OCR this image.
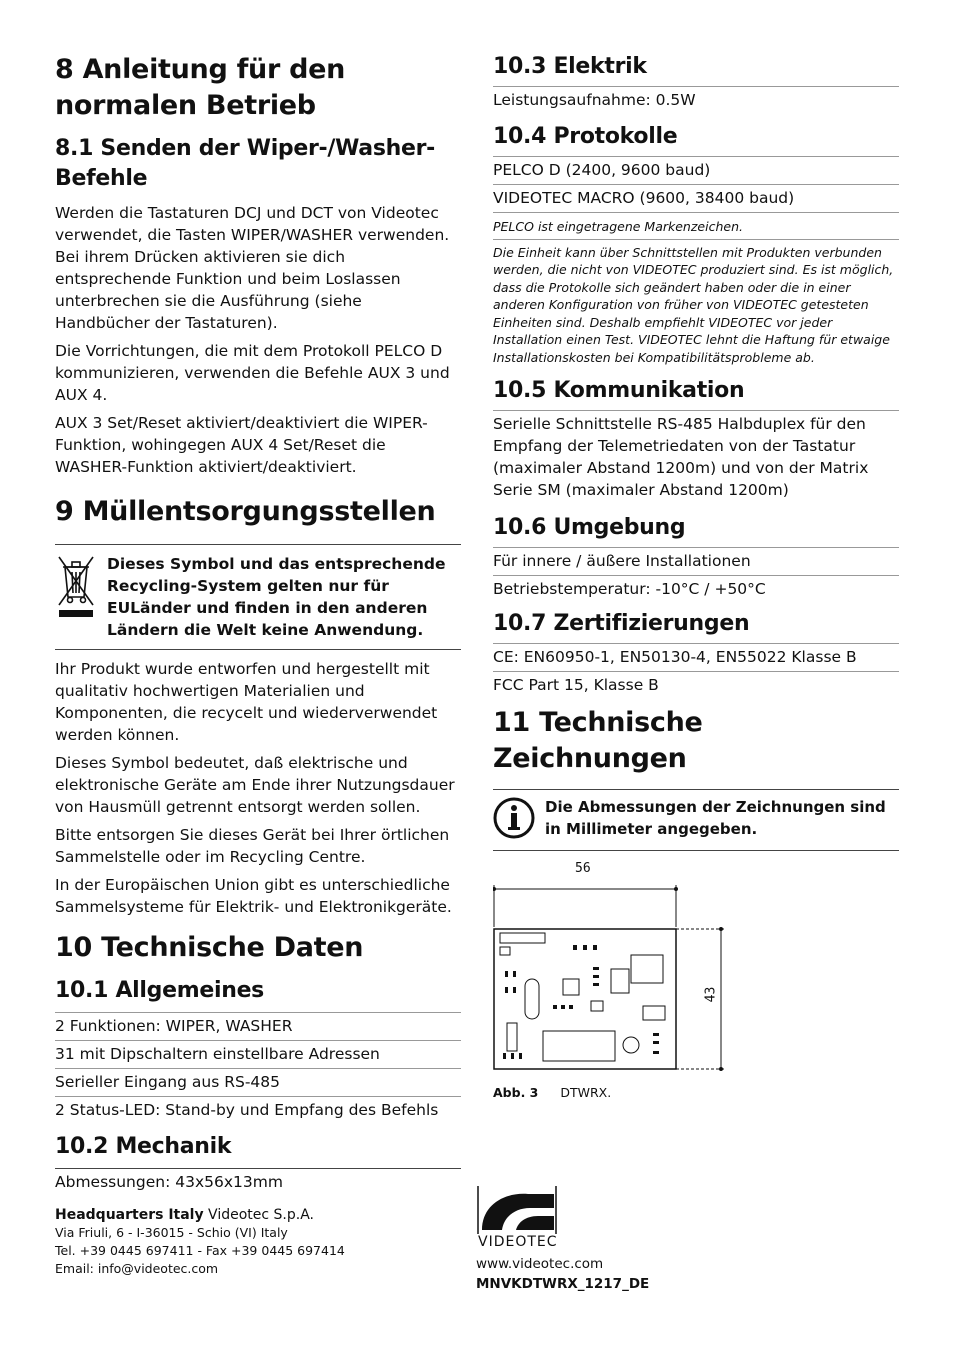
8 Anleitung für den normalen Betrieb
8.1 Senden der Wiper-/Washer-Befehle

Werden die Tastaturen DCJ und DCT von Videotec verwendet, die Tasten WIPER/WASHER verwenden. Bei ihrem Drücken aktivieren sie dich entsprechende Funktion und beim Loslassen unterbrechen sie die Ausführung (siehe Handbücher der Tastaturen).

Die Vorrichtungen, die mit dem Protokoll PELCO D kommunizieren, verwenden die Befehle AUX 3 und AUX 4.

AUX 3 Set/Reset aktiviert/deaktiviert die WIPER-Funktion, wohingegen AUX 4 Set/Reset die WASHER-Funktion aktiviert/deaktiviert.

9 Müllentsorgungsstellen
Dieses Symbol und das entsprechende Recycling-System gelten nur für EULänder und finden in den anderen Ländern die Welt keine Anwendung.

Ihr Produkt wurde entworfen und hergestellt mit qualitativ hochwertigen Materialien und Komponenten, die recycelt und wiederverwendet werden können.

Dieses Symbol bedeutet, daß elektrische und elektronische Geräte am Ende ihrer Nutzungsdauer von Hausmüll getrennt entsorgt werden sollen.

Bitte entsorgen Sie dieses Gerät bei Ihrer örtlichen Sammelstelle oder im Recycling Centre.

In der Europäischen Union gibt es unterschiedliche Sammelsysteme für Elektrik- und Elektronikgeräte.

10 Technische Daten
10.1 Allgemeines
2 Funktionen: WIPER, WASHER
31 mit Dipschaltern einstellbare Adressen
Serieller Eingang aus RS-485
2 Status-LED: Stand-by und Empfang des Befehls
10.2 Mechanik
Abmessungen: 43x56x13mm
Headquarters Italy Videotec S.p.A.
Via Friuli, 6 - I-36015 - Schio (VI) Italy
Tel. +39 0445 697411 - Fax +39 0445 697414
Email: info@videotec.com
10.3 Elektrik
Leistungsaufnahme: 0.5W
10.4 Protokolle
PELCO D (2400, 9600 baud)
VIDEOTEC MACRO (9600, 38400 baud)

PELCO ist eingetragene Markenzeichen.

Die Einheit kann über Schnittstellen mit Produkten verbunden werden, die nicht von VIDEOTEC produziert sind. Es ist möglich, dass die Protokolle sich geändert haben oder die in einer anderen Konfiguration von früher von VIDEOTEC getesteten Einheiten sind. Deshalb empfiehlt VIDEOTEC vor jeder Installation einen Test. VIDEOTEC lehnt die Haftung für etwaige Installationskosten bei Kompatibilitätsprobleme ab.

10.5 Kommunikation

Serielle Schnittstelle RS-485 Halbduplex für den Empfang der Telemetriedaten von der Tastatur (maximaler Abstand 1200m) und von der Matrix Serie SM (maximaler Abstand 1200m)

10.6 Umgebung
Für innere / äußere Installationen
Betriebstemperatur: -10°C / +50°C
10.7 Zertifizierungen
CE: EN60950-1, EN50130-4, EN55022 Klasse B
FCC Part 15, Klasse B
11 Technische Zeichnungen
Die Abmessungen der Zeichnungen sind in Millimeter angegeben.
56
43
Abb. 3 DTWRX.
VIDEOTEC
www.videotec.com
MNVKDTWRX_1217_DE
